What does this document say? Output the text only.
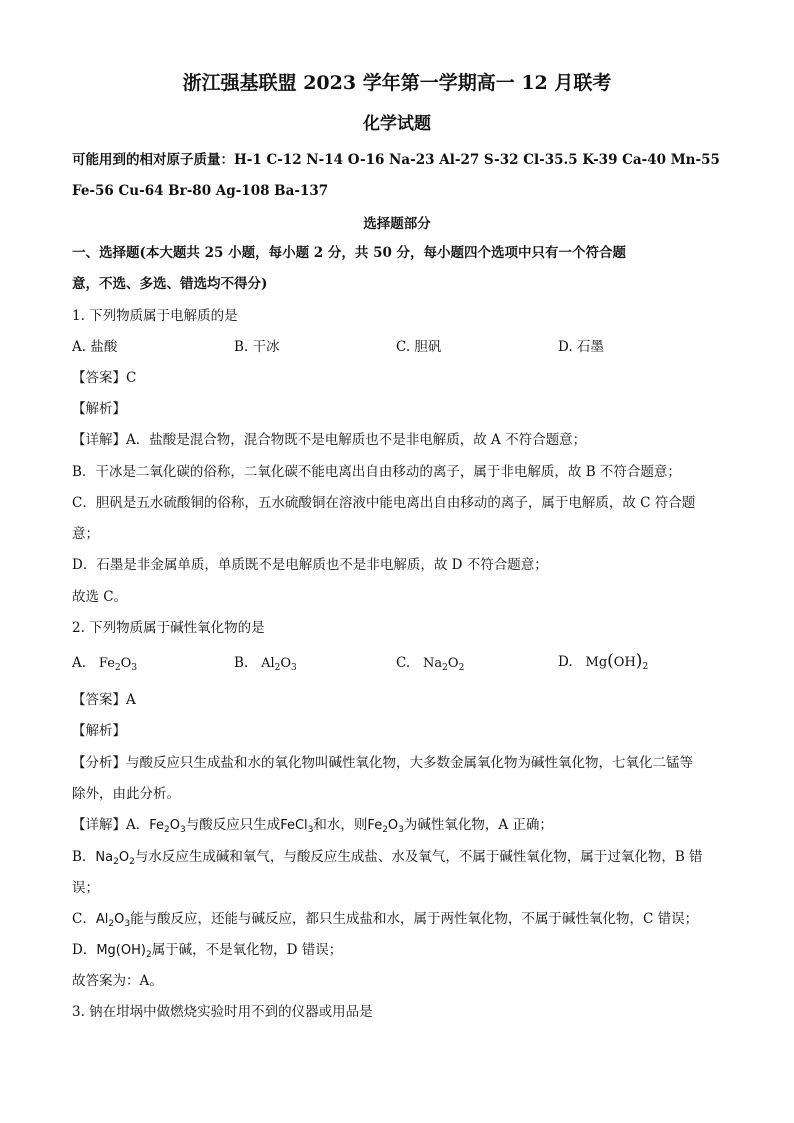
浙江强基联盟 2023 学年第一学期高一 12 月联考
化学试题
可能用到的相对原子质量：H-1 C-12 N-14 O-16 Na-23 Al-27 S-32 Cl-35.5 K-39 Ca-40 Mn-55
Fe-56 Cu-64 Br-80 Ag-108 Ba-137
选择题部分
一、选择题(本大题共 25 小题，每小题 2 分，共 50 分，每小题四个选项中只有一个符合题
意，不选、多选、错选均不得分)
1. 下列物质属于电解质的是
A. 盐酸	B. 干冰	C. 胆矾	D. 石墨
【答案】C
【解析】
【详解】A．盐酸是混合物，混合物既不是电解质也不是非电解质，故 A 不符合题意；
B．干冰是二氧化碳的俗称，二氧化碳不能电离出自由移动的离子，属于非电解质，故 B 不符合题意；
C．胆矾是五水硫酸铜的俗称，五水硫酸铜在溶液中能电离出自由移动的离子，属于电解质，故 C 符合题
意；
D．石墨是非金属单质，单质既不是电解质也不是非电解质，故 D 不符合题意；
故选 C。
2. 下列物质属于碱性氧化物的是
A. $Fe_2O_3$	B. $Al_2O_3$	C. $Na_2O_2$	D. $Mg(OH)_2$
【答案】A
【解析】
【分析】与酸反应只生成盐和水的氧化物叫碱性氧化物，大多数金属氧化物为碱性氧化物，七氧化二锰等
除外，由此分析。
【详解】A．$Fe_2O_3$与酸反应只生成FeCl$_3$和水，则$Fe_2O_3$为碱性氧化物，A 正确；
B．$Na_2O_2$与水反应生成碱和氧气，与酸反应生成盐、水及氧气，不属于碱性氧化物，属于过氧化物，B 错
误；
C．$Al_2O_3$能与酸反应，还能与碱反应，都只生成盐和水，属于两性氧化物，不属于碱性氧化物，C 错误；
D．$Mg(OH)_2$属于碱，不是氧化物，D 错误；
故答案为：A。
3. 钠在坩埚中做燃烧实验时用不到的仪器或用品是
